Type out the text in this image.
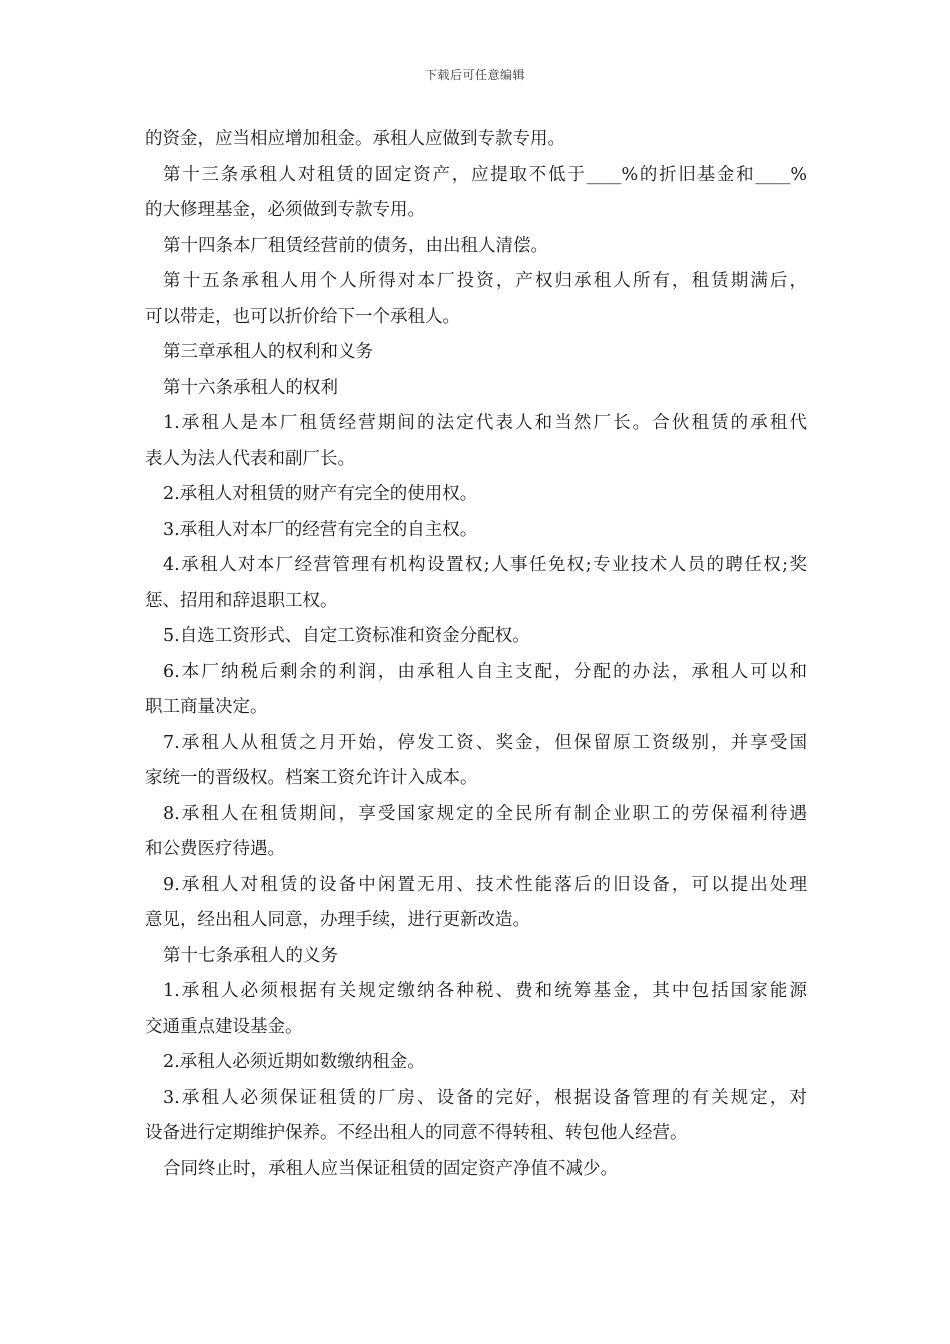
下载后可任意编辑
的资金，应当相应增加租金。承租人应做到专款专用。
第十三条承租人对租赁的固定资产，应提取不低于____%的折旧基金和____%
的大修理基金，必须做到专款专用。
第十四条本厂租赁经营前的债务，由出租人清偿。
第十五条承租人用个人所得对本厂投资，产权归承租人所有，租赁期满后，
可以带走，也可以折价给下一个承租人。
第三章承租人的权利和义务
第十六条承租人的权利
1.承租人是本厂租赁经营期间的法定代表人和当然厂长。合伙租赁的承租代
表人为法人代表和副厂长。
2.承租人对租赁的财产有完全的使用权。
3.承租人对本厂的经营有完全的自主权。
4.承租人对本厂经营管理有机构设置权;人事任免权;专业技术人员的聘任权;奖
惩、招用和辞退职工权。
5.自选工资形式、自定工资标准和资金分配权。
6.本厂纳税后剩余的利润，由承租人自主支配，分配的办法，承租人可以和
职工商量决定。
7.承租人从租赁之月开始，停发工资、奖金，但保留原工资级别，并享受国
家统一的晋级权。档案工资允许计入成本。
8.承租人在租赁期间，享受国家规定的全民所有制企业职工的劳保福利待遇
和公费医疗待遇。
9.承租人对租赁的设备中闲置无用、技术性能落后的旧设备，可以提出处理
意见，经出租人同意，办理手续，进行更新改造。
第十七条承租人的义务
1.承租人必须根据有关规定缴纳各种税、费和统筹基金，其中包括国家能源
交通重点建设基金。
2.承租人必须近期如数缴纳租金。
3.承租人必须保证租赁的厂房、设备的完好，根据设备管理的有关规定，对
设备进行定期维护保养。不经出租人的同意不得转租、转包他人经营。
合同终止时，承租人应当保证租赁的固定资产净值不减少。
